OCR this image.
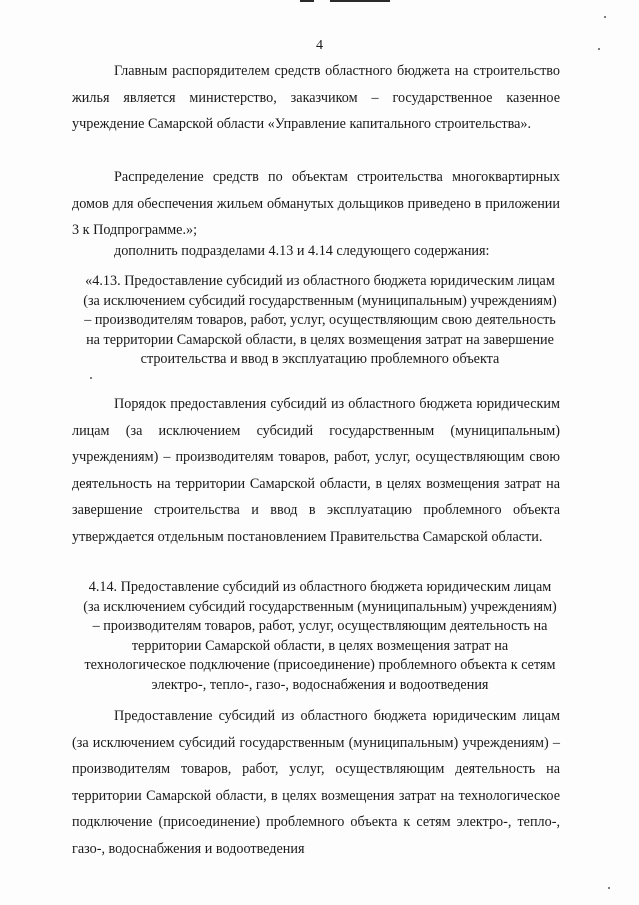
4

Главным распорядителем средств областного бюджета на строительство жилья является министерство, заказчиком – государственное казенное учреждение Самарской области «Управление капитального строительства».

Распределение средств по объектам строительства многоквартирных домов для обеспечения жильем обманутых дольщиков приведено в приложении 3 к Подпрограмме.»;

дополнить подразделами 4.13 и 4.14 следующего содержания:

«4.13. Предоставление субсидий из областного бюджета юридическим лицам (за исключением субсидий государственным (муниципальным) учреждениям) – производителям товаров, работ, услуг, осуществляющим свою деятельность на территории Самарской области, в целях возмещения затрат на завершение строительства и ввод в эксплуатацию проблемного объекта

Порядок предоставления субсидий из областного бюджета юридическим лицам (за исключением субсидий государственным (муниципальным) учреждениям) – производителям товаров, работ, услуг, осуществляющим свою деятельность на территории Самарской области, в целях возмещения затрат на завершение строительства и ввод в эксплуатацию проблемного объекта утверждается отдельным постановлением Правительства Самарской области.

4.14. Предоставление субсидий из областного бюджета юридическим лицам (за исключением субсидий государственным (муниципальным) учреждениям) – производителям товаров, работ, услуг, осуществляющим деятельность на территории Самарской области, в целях возмещения затрат на технологическое подключение (присоединение) проблемного объекта к сетям электро-, тепло-, газо-, водоснабжения и водоотведения

Предоставление субсидий из областного бюджета юридическим лицам (за исключением субсидий государственным (муниципальным) учреждениям) – производителям товаров, работ, услуг, осуществляющим деятельность на территории Самарской области, в целях возмещения затрат на технологическое подключение (присоединение) проблемного объекта к сетям электро-, тепло-, газо-, водоснабжения и водоотведения
